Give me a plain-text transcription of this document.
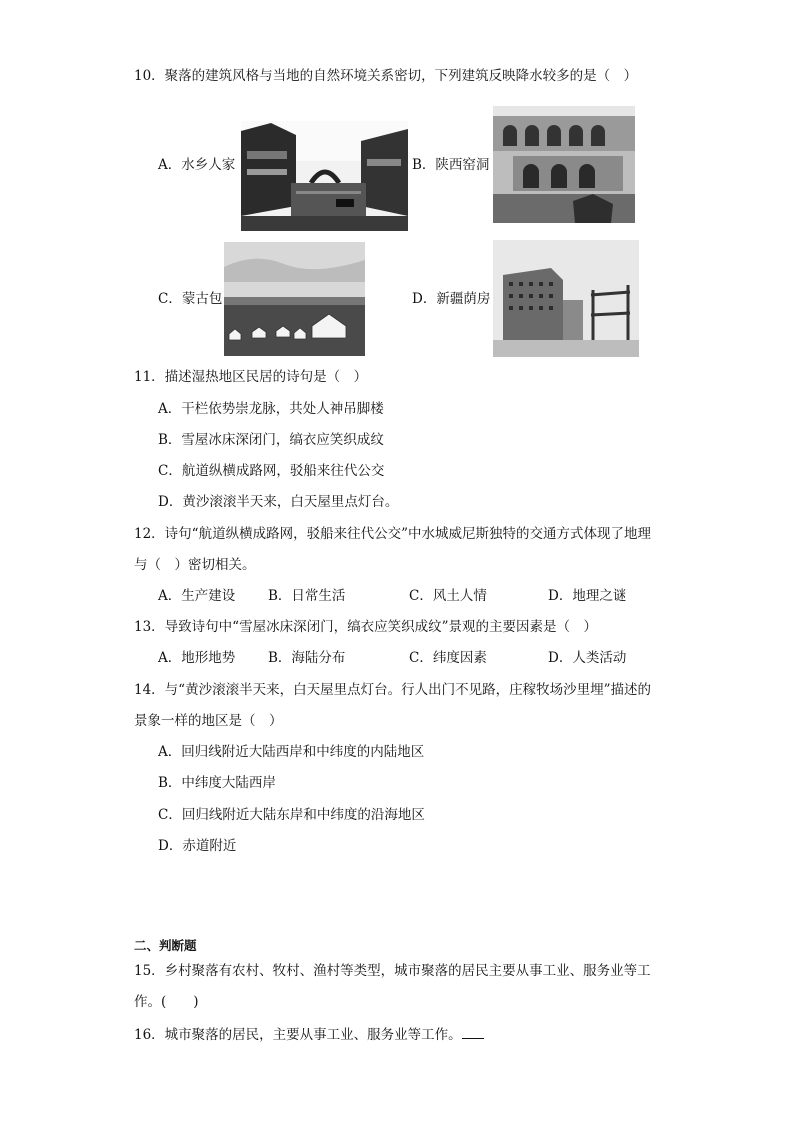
10．聚落的建筑风格与当地的自然环境关系密切，下列建筑反映降水较多的是（　）
A．水乡人家	B．陕西窑洞
C．蒙古包	D．新疆荫房
11．描述湿热地区民居的诗句是（　）
A．干栏依势崇龙脉，共处人神吊脚楼
B．雪屋冰床深闭门，缟衣应笑织成纹
C．航道纵横成路网，驳船来往代公交
D．黄沙滚滚半天来，白天屋里点灯台。
12．诗句“航道纵横成路网，驳船来往代公交”中水城威尼斯独特的交通方式体现了地理
与（　）密切相关。
A．生产建设 B．日常生活	C．风土人情	D．地理之谜
13．导致诗句中“雪屋冰床深闭门，缟衣应笑织成纹”景观的主要因素是（　）
A．地形地势 B．海陆分布	C．纬度因素	D．人类活动
14．与“黄沙滚滚半天来，白天屋里点灯台。行人出门不见路，庄稼牧场沙里埋”描述的
景象一样的地区是（　）
A．回归线附近大陆西岸和中纬度的内陆地区
B．中纬度大陆西岸
C．回归线附近大陆东岸和中纬度的沿海地区
D．赤道附近
二、判断题
15．乡村聚落有农村、牧村、渔村等类型，城市聚落的居民主要从事工业、服务业等工
作。(　　)
16．城市聚落的居民，主要从事工业、服务业等工作。
